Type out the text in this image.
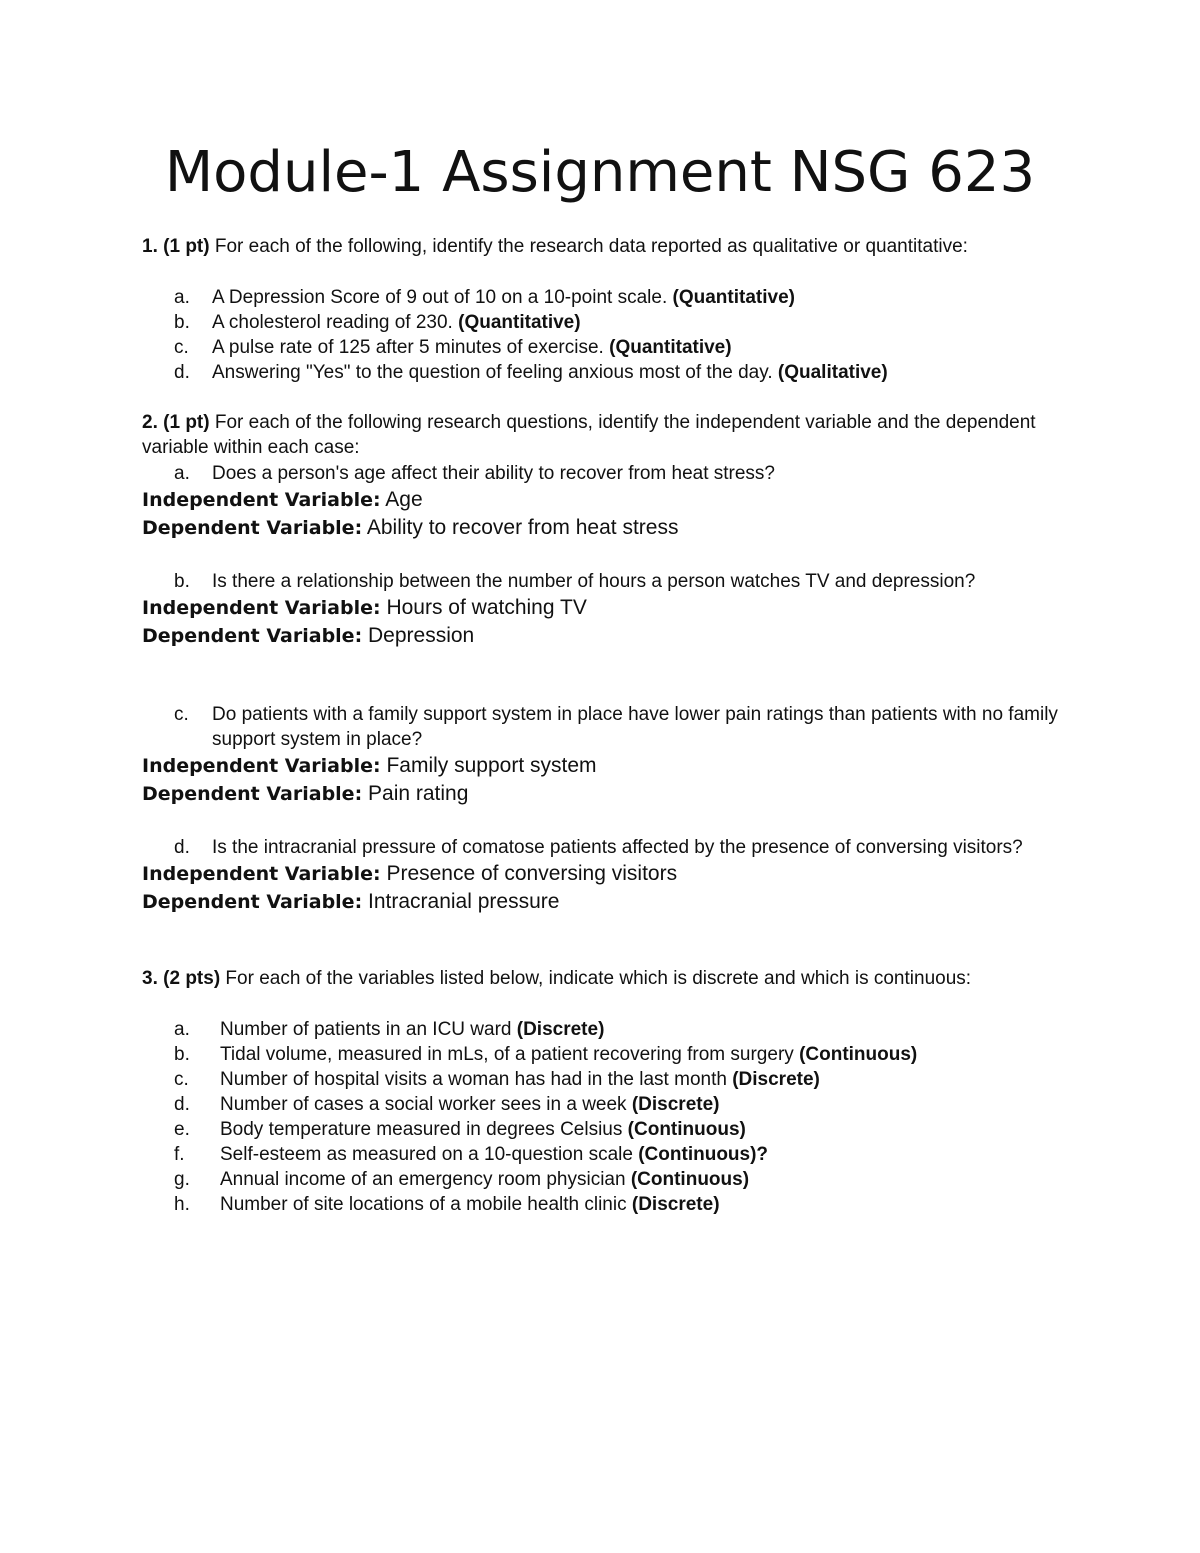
Module-1 Assignment NSG 623
1. (1 pt) For each of the following, identify the research data reported as qualitative or quantitative:
a. A Depression Score of 9 out of 10 on a 10-point scale. (Quantitative)
b. A cholesterol reading of 230. (Quantitative)
c. A pulse rate of 125 after 5 minutes of exercise. (Quantitative)
d. Answering "Yes" to the question of feeling anxious most of the day. (Qualitative)
2. (1 pt) For each of the following research questions, identify the independent variable and the dependent variable within each case:
a. Does a person's age affect their ability to recover from heat stress?
Independent Variable: Age
Dependent Variable: Ability to recover from heat stress
b. Is there a relationship between the number of hours a person watches TV and depression?
Independent Variable: Hours of watching TV
Dependent Variable: Depression
c. Do patients with a family support system in place have lower pain ratings than patients with no family support system in place?
Independent Variable: Family support system
Dependent Variable: Pain rating
d. Is the intracranial pressure of comatose patients affected by the presence of conversing visitors?
Independent Variable: Presence of conversing visitors
Dependent Variable: Intracranial pressure
3. (2 pts) For each of the variables listed below, indicate which is discrete and which is continuous:
a. Number of patients in an ICU ward (Discrete)
b. Tidal volume, measured in mLs, of a patient recovering from surgery (Continuous)
c. Number of hospital visits a woman has had in the last month (Discrete)
d. Number of cases a social worker sees in a week (Discrete)
e. Body temperature measured in degrees Celsius (Continuous)
f. Self-esteem as measured on a 10-question scale (Continuous)?
g. Annual income of an emergency room physician (Continuous)
h. Number of site locations of a mobile health clinic (Discrete)
